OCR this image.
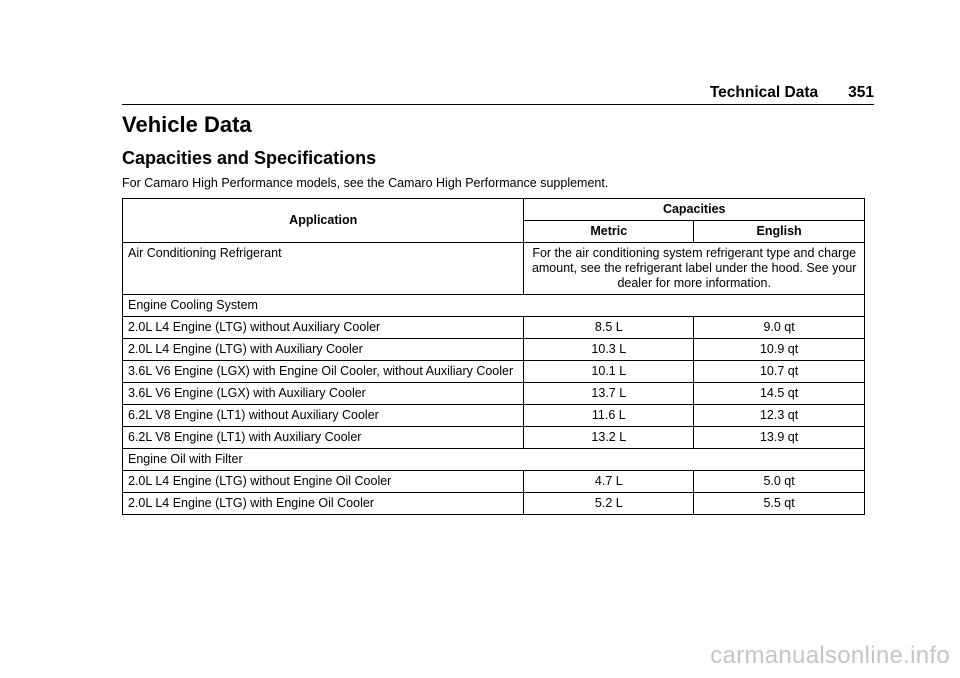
Technical Data 351
Vehicle Data
Capacities and Specifications

For Camaro High Performance models, see the Camaro High Performance supplement.

Application	Capacities	
	Metric	English
Air Conditioning Refrigerant	For the air conditioning system refrigerant type and charge amount, see the refrigerant label under the hood. See your dealer for more information.	
Engine Cooling System		
2.0L L4 Engine (LTG) without Auxiliary Cooler	8.5 L	9.0 qt
2.0L L4 Engine (LTG) with Auxiliary Cooler	10.3 L	10.9 qt
3.6L V6 Engine (LGX) with Engine Oil Cooler, without Auxiliary Cooler	10.1 L	10.7 qt
3.6L V6 Engine (LGX) with Auxiliary Cooler	13.7 L	14.5 qt
6.2L V8 Engine (LT1) without Auxiliary Cooler	11.6 L	12.3 qt
6.2L V8 Engine (LT1) with Auxiliary Cooler	13.2 L	13.9 qt
Engine Oil with Filter		
2.0L L4 Engine (LTG) without Engine Oil Cooler	4.7 L	5.0 qt
2.0L L4 Engine (LTG) with Engine Oil Cooler	5.2 L	5.5 qt
carmanualsonline.info
